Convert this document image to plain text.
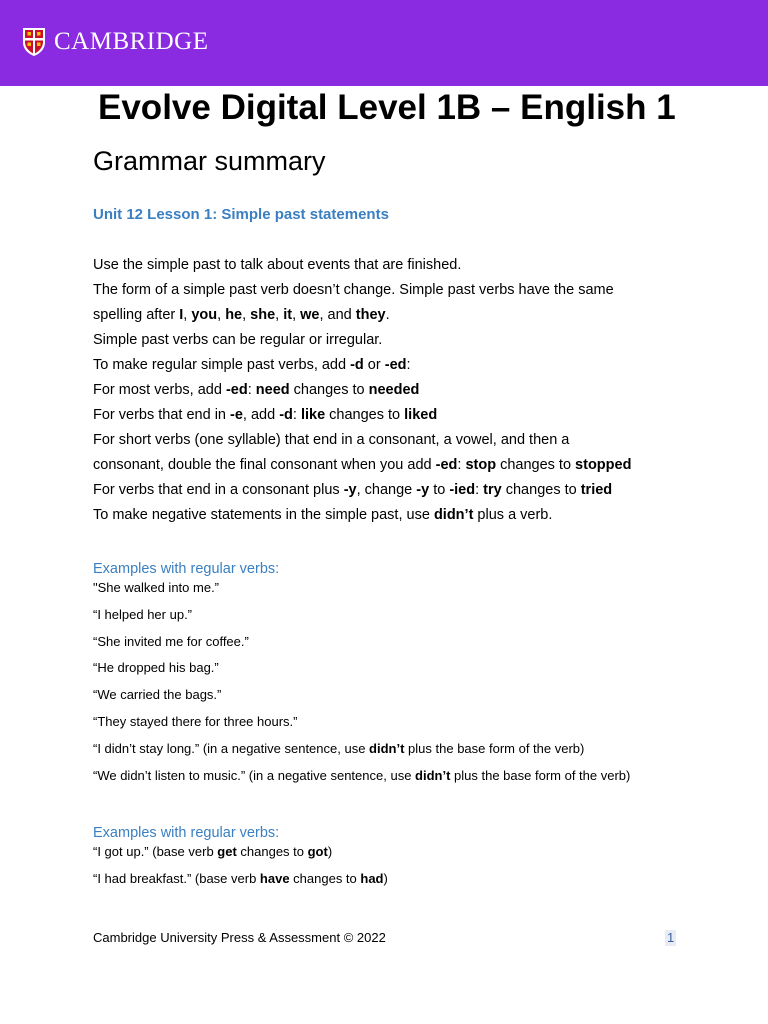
CAMBRIDGE
Evolve Digital Level 1B – English 1
Grammar summary
Unit 12 Lesson 1: Simple past statements
Use the simple past to talk about events that are finished.
The form of a simple past verb doesn’t change. Simple past verbs have the same
spelling after I, you, he, she, it, we, and they.
Simple past verbs can be regular or irregular.
To make regular simple past verbs, add -d or -ed:
For most verbs, add -ed: need changes to needed
For verbs that end in -e, add -d: like changes to liked
For short verbs (one syllable) that end in a consonant, a vowel, and then a
consonant, double the final consonant when you add -ed: stop changes to stopped
For verbs that end in a consonant plus -y, change -y to -ied: try changes to tried
To make negative statements in the simple past, use didn’t plus a verb.
Examples with regular verbs:
"She walked into me.”
“I helped her up.”
“She invited me for coffee.”
“He dropped his bag.”
“We carried the bags.”
“They stayed there for three hours.”
“I didn’t stay long.” (in a negative sentence, use didn’t plus the base form of the verb)
“We didn’t listen to music.” (in a negative sentence, use didn’t plus the base form of the verb)
Examples with regular verbs:
“I got up.” (base verb get changes to got)
“I had breakfast.” (base verb have changes to had)
Cambridge University Press & Assessment © 2022	1
